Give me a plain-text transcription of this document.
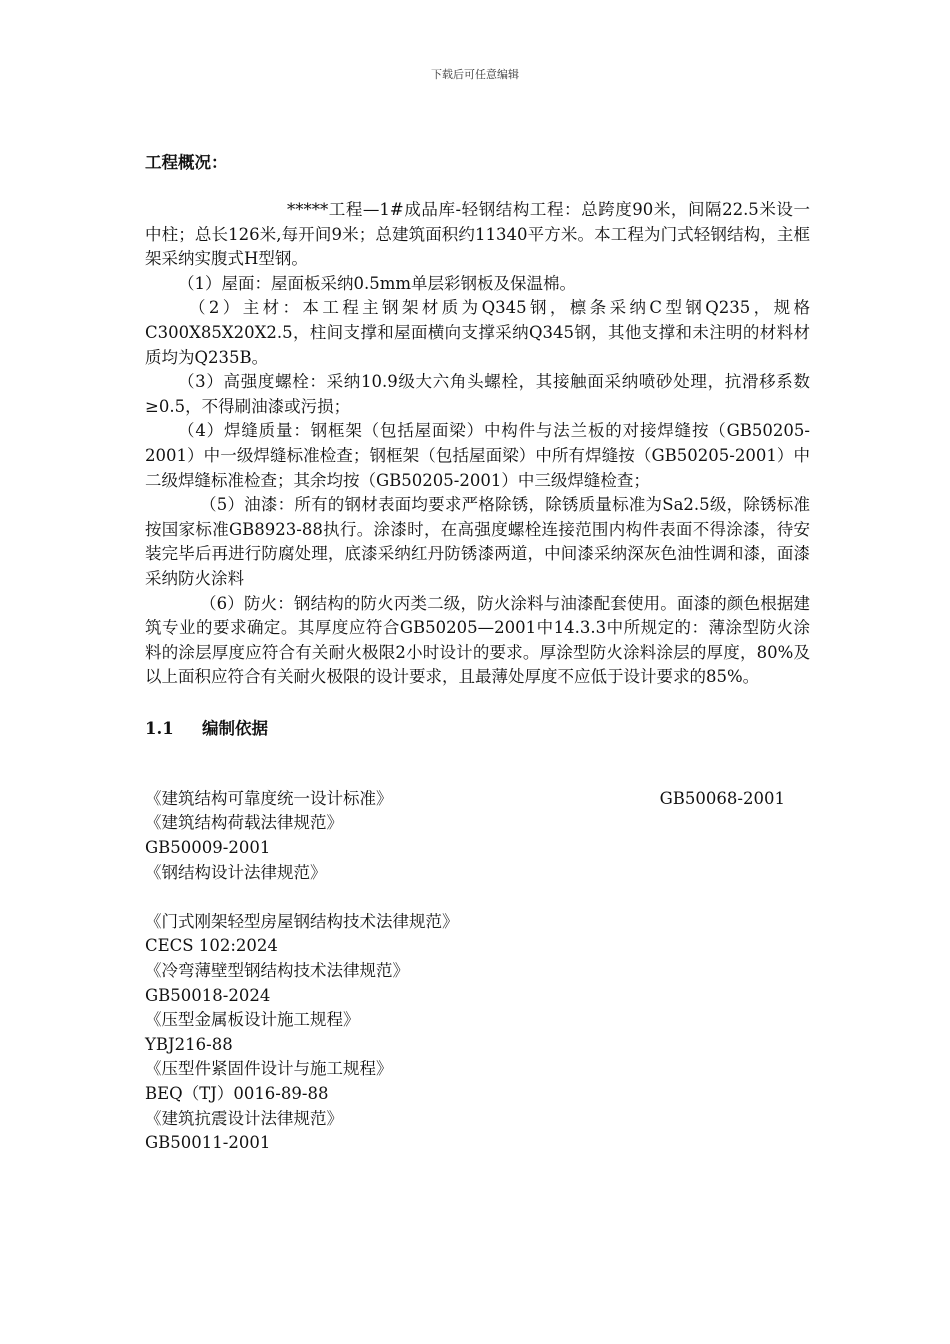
下载后可任意编辑

工程概况：

*****工程—1#成品库-轻钢结构工程：总跨度90米，间隔22.5米设一中柱；总长126米,每开间9米；总建筑面积约11340平方米。本工程为门式轻钢结构，主框架采纳实腹式H型钢。

（1）屋面：屋面板采纳0.5mm单层彩钢板及保温棉。

（2）主材：本工程主钢架材质为Q345钢，檩条采纳C型钢Q235，规格C300X85X20X2.5，柱间支撑和屋面横向支撑采纳Q345钢，其他支撑和未注明的材料材质均为Q235B。

（3）高强度螺栓：采纳10.9级大六角头螺栓，其接触面采纳喷砂处理，抗滑移系数≥0.5，不得刷油漆或污损；

（4）焊缝质量：钢框架（包括屋面梁）中构件与法兰板的对接焊缝按（GB50205-2001）中一级焊缝标准检查；钢框架（包括屋面梁）中所有焊缝按（GB50205-2001）中二级焊缝标准检查；其余均按（GB50205-2001）中三级焊缝检查；

（5）油漆：所有的钢材表面均要求严格除锈，除锈质量标准为Sa2.5级，除锈标准按国家标准GB8923-88执行。涂漆时，在高强度螺栓连接范围内构件表面不得涂漆，待安装完毕后再进行防腐处理，底漆采纳红丹防锈漆两道，中间漆采纳深灰色油性调和漆，面漆采纳防火涂料

（6）防火：钢结构的防火丙类二级，防火涂料与油漆配套使用。面漆的颜色根据建筑专业的要求确定。其厚度应符合GB50205—2001中14.3.3中所规定的：薄涂型防火涂料的涂层厚度应符合有关耐火极限2小时设计的要求。厚涂型防火涂料涂层的厚度，80%及以上面积应符合有关耐火极限的设计要求，且最薄处厚度不应低于设计要求的85%。

1.1 编制依据

《建筑结构可靠度统一设计标准》	GB50068-2001

《建筑结构荷载法律规范》

GB50009-2001

《钢结构设计法律规范》

《门式刚架轻型房屋钢结构技术法律规范》

CECS 102:2024

《冷弯薄壁型钢结构技术法律规范》

GB50018-2024

《压型金属板设计施工规程》

YBJ216-88

《压型件紧固件设计与施工规程》

BEQ（TJ）0016-89-88

《建筑抗震设计法律规范》

GB50011-2001
